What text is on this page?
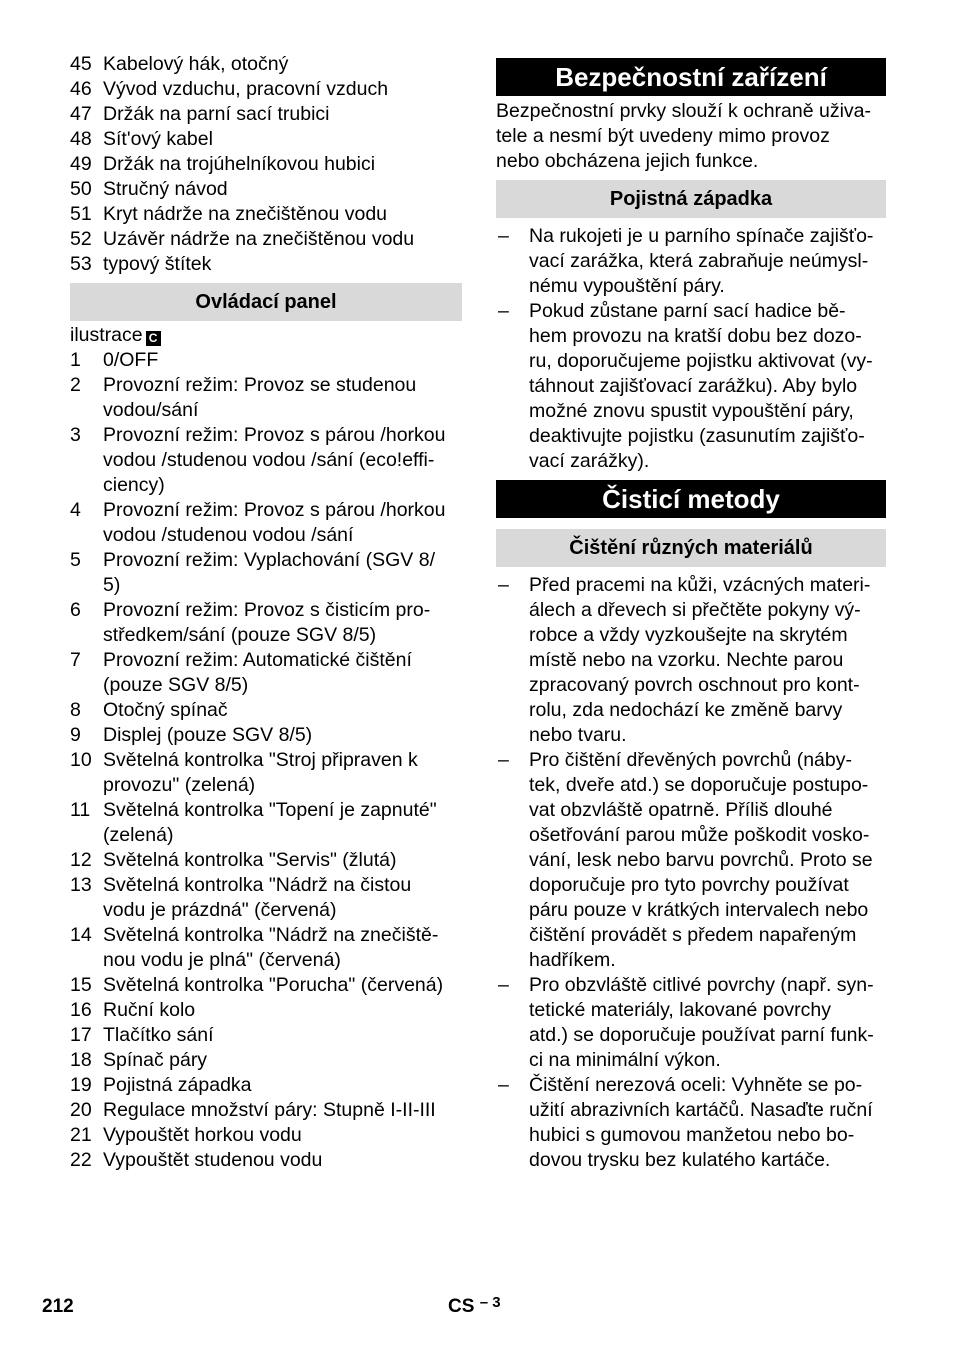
45 Kabelový hák, otočný
46 Vývod vzduchu, pracovní vzduch
47 Držák na parní sací trubici
48 Sít'ový kabel
49 Držák na trojúhelníkovou hubici
50 Stručný návod
51 Kryt nádrže na znečištěnou vodu
52 Uzávěr nádrže na znečištěnou vodu
53 typový štítek
Ovládací panel
ilustrace C
1	0/OFF
2	Provozní režim: Provoz se studenou
vodou/sání
3	Provozní režim: Provoz s párou /horkou
vodou /studenou vodou /sání (eco!effi-
ciency)
4	Provozní režim: Provoz s párou /horkou
vodou /studenou vodou /sání
5	Provozní režim: Vyplachování (SGV 8/
5)
6	Provozní režim: Provoz s čisticím pro-
středkem/sání (pouze SGV 8/5)
7	Provozní režim: Automatické čištění
(pouze SGV 8/5)
8	Otočný spínač
9	Displej (pouze SGV 8/5)
10 Světelná kontrolka "Stroj připraven k
provozu" (zelená)
11 Světelná kontrolka "Topení je zapnuté"
(zelená)
12 Světelná kontrolka "Servis" (žlutá)
13 Světelná kontrolka "Nádrž na čistou
vodu je prázdná" (červená)
14 Světelná kontrolka "Nádrž na znečiště-
nou vodu je plná" (červená)
15 Světelná kontrolka "Porucha" (červená)
16 Ruční kolo
17 Tlačítko sání
18 Spínač páry
19 Pojistná západka
20 Regulace množství páry: Stupně I-II-III
21 Vypouštět horkou vodu
22 Vypouštět studenou vodu
Bezpečnostní zařízení
Bezpečnostní prvky slouží k ochraně uživa-
tele a nesmí být uvedeny mimo provoz
nebo obcházena jejich funkce.
Pojistná západka
–	Na rukojeti je u parního spínače zajišťo-
vací zarážka, která zabraňuje neúmysl-
nému vypouštění páry.
–	Pokud zůstane parní sací hadice bě-
hem provozu na kratší dobu bez dozo-
ru, doporučujeme pojistku aktivovat (vy-
táhnout zajišťovací zarážku). Aby bylo
možné znovu spustit vypouštění páry,
deaktivujte pojistku (zasunutím zajišťo-
vací zarážky).
Čisticí metody
Čištění různých materiálů
–	Před pracemi na kůži, vzácných materi-
álech a dřevech si přečtěte pokyny vý-
robce a vždy vyzkoušejte na skrytém
místě nebo na vzorku. Nechte parou
zpracovaný povrch oschnout pro kont-
rolu, zda nedochází ke změně barvy
nebo tvaru.
–	Pro čištění dřevěných povrchů (náby-
tek, dveře atd.) se doporučuje postupo-
vat obzvláště opatrně. Příliš dlouhé
ošetřování parou může poškodit vosko-
vání, lesk nebo barvu povrchů. Proto se
doporučuje pro tyto povrchy používat
páru pouze v krátkých intervalech nebo
čištění provádět s předem napařeným
hadříkem.
–	Pro obzvláště citlivé povrchy (např. syn-
tetické materiály, lakované povrchy
atd.) se doporučuje používat parní funk-
ci na minimální výkon.
–	Čištění nerezová oceli: Vyhněte se po-
užití abrazivních kartáčů. Nasaďte ruční
hubici s gumovou manžetou nebo bo-
dovou trysku bez kulatého kartáče.
212	CS $^{- 3}$
